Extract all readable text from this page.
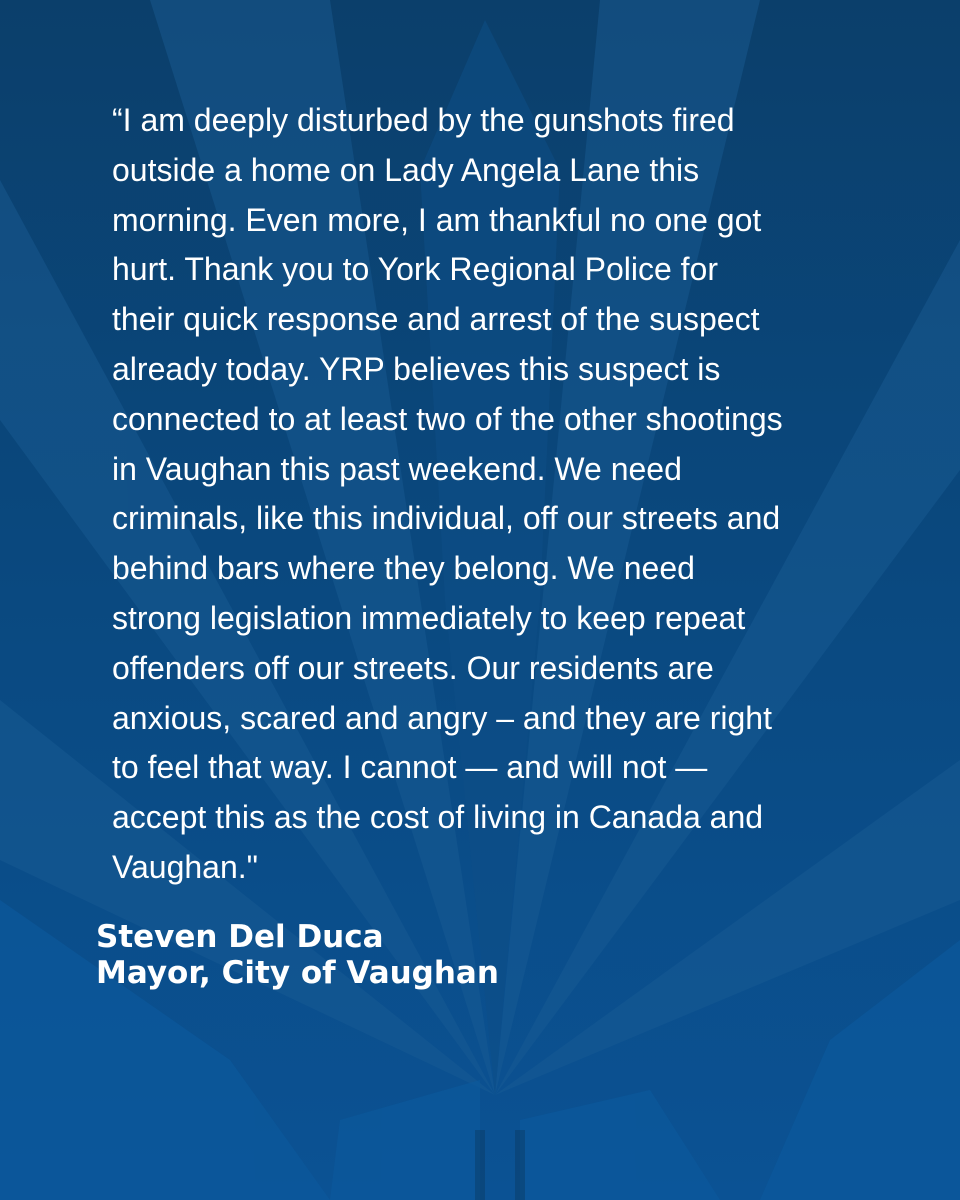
“I am deeply disturbed by the gunshots fired
outside a home on Lady Angela Lane this
morning. Even more, I am thankful no one got
hurt. Thank you to York Regional Police for
their quick response and arrest of the suspect
already today. YRP believes this suspect is
connected to at least two of the other shootings
in Vaughan this past weekend. We need
criminals, like this individual, off our streets and
behind bars where they belong. We need
strong legislation immediately to keep repeat
offenders off our streets. Our residents are
anxious, scared and angry – and they are right
to feel that way. I cannot — and will not —
accept this as the cost of living in Canada and
Vaughan."
Steven Del Duca
Mayor, City of Vaughan
